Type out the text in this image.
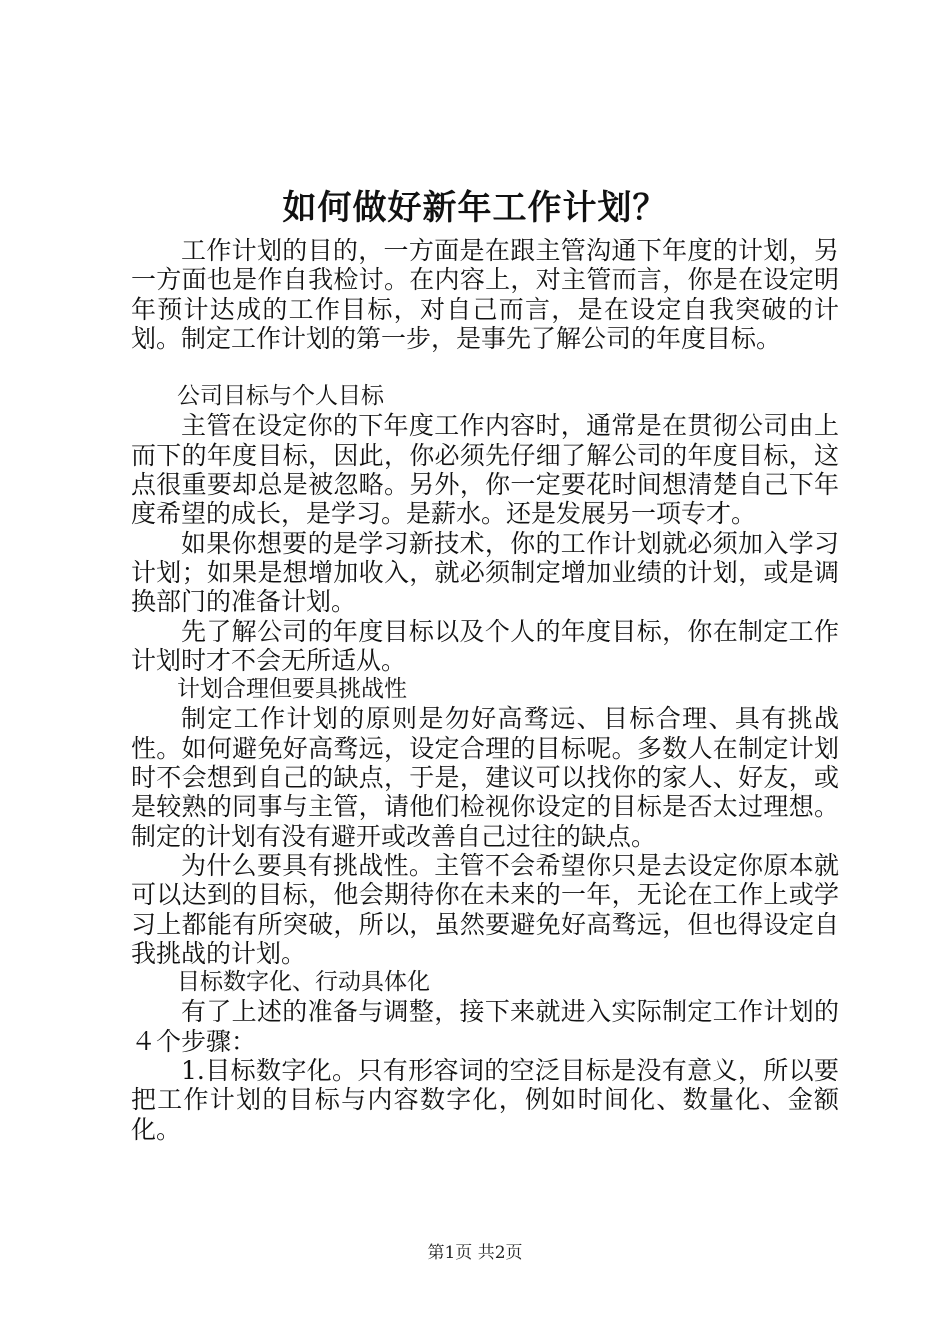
如何做好新年工作计划？

工作计划的目的，一方面是在跟主管沟通下年度的计划，另一方面也是作自我检讨。在内容上，对主管而言，你是在设定明年预计达成的工作目标，对自己而言，是在设定自我突破的计划。制定工作计划的第一步，是事先了解公司的年度目标。

公司目标与个人目标

主管在设定你的下年度工作内容时，通常是在贯彻公司由上而下的年度目标，因此，你必须先仔细了解公司的年度目标，这点很重要却总是被忽略。另外，你一定要花时间想清楚自己下年度希望的成长，是学习。是薪水。还是发展另一项专才。

如果你想要的是学习新技术，你的工作计划就必须加入学习计划；如果是想增加收入，就必须制定增加业绩的计划，或是调换部门的准备计划。

先了解公司的年度目标以及个人的年度目标，你在制定工作计划时才不会无所适从。

计划合理但要具挑战性

制定工作计划的原则是勿好高骛远、目标合理、具有挑战性。如何避免好高骛远，设定合理的目标呢。多数人在制定计划时不会想到自己的缺点，于是，建议可以找你的家人、好友，或是较熟的同事与主管，请他们检视你设定的目标是否太过理想。制定的计划有没有避开或改善自己过往的缺点。

为什么要具有挑战性。主管不会希望你只是去设定你原本就可以达到的目标，他会期待你在未来的一年，无论在工作上或学习上都能有所突破，所以，虽然要避免好高骛远，但也得设定自我挑战的计划。

目标数字化、行动具体化

有了上述的准备与调整，接下来就进入实际制定工作计划的４个步骤：

1.目标数字化。只有形容词的空泛目标是没有意义，所以要把工作计划的目标与内容数字化，例如时间化、数量化、金额化。

第1页 共2页
